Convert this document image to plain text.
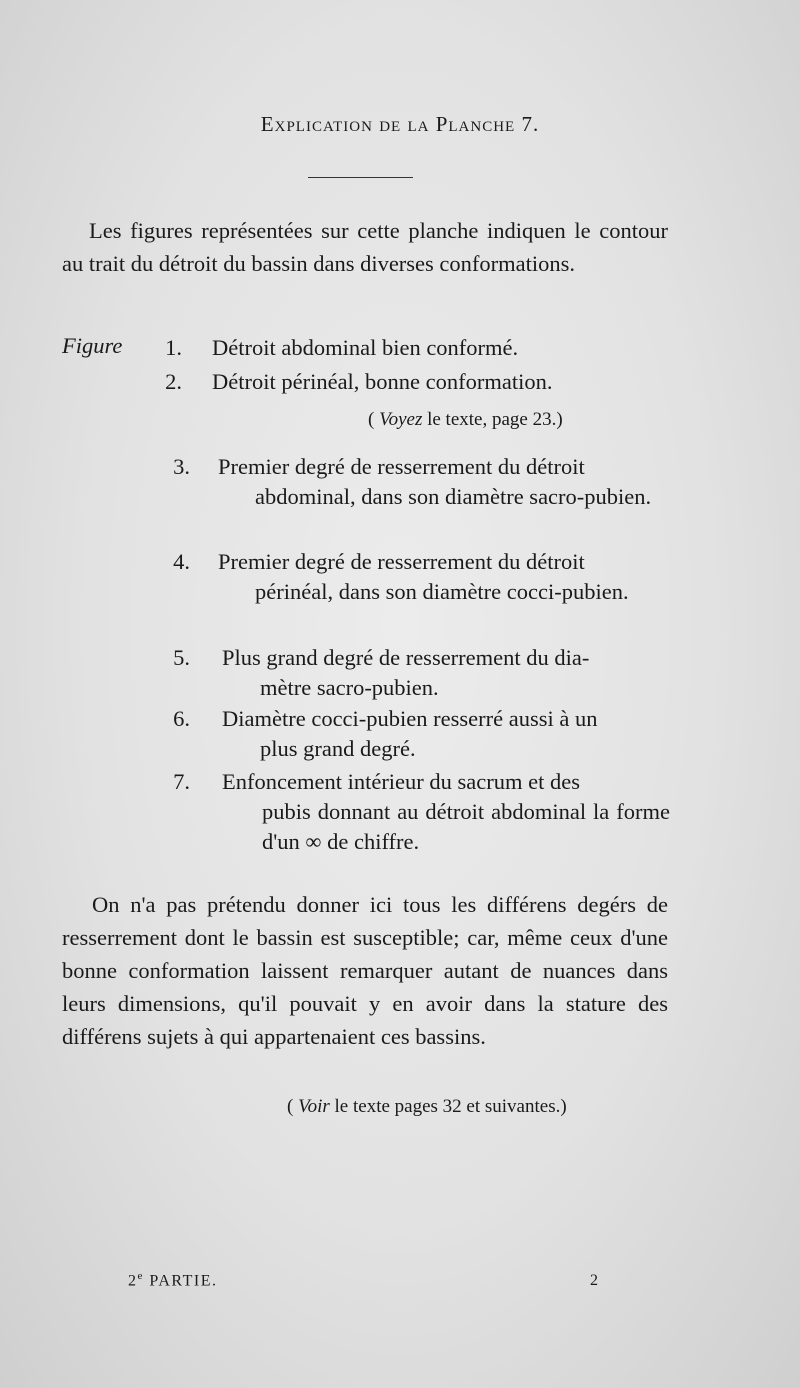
Explication de la Planche 7.
Les figures représentées sur cette planche indiquen le contour au trait du détroit du bassin dans diverses conformations.
Figure	1. Détroit abdominal bien conformé.
2. Détroit périnéal, bonne conformation.
( Voyez le texte, page 23.)
3. Premier degré de resserrement du détroit
abdominal, dans son diamètre sacro-pubien.
4. Premier degré de resserrement du détroit
périnéal, dans son diamètre cocci-pubien.
5. Plus grand degré de resserrement du dia-
mètre sacro-pubien.
6. Diamètre cocci-pubien resserré aussi à un
plus grand degré.
7. Enfoncement intérieur du sacrum et des
pubis donnant au détroit abdominal la forme d'un ∞ de chiffre.
On n'a pas prétendu donner ici tous les différens degérs de resserrement dont le bassin est susceptible; car, même ceux d'une bonne conformation laissent remarquer autant de nuances dans leurs dimensions, qu'il pouvait y en avoir dans la stature des différens sujets à qui appartenaient ces bassins.
( Voir le texte pages 32 et suivantes.)
2e PARTIE.	2
